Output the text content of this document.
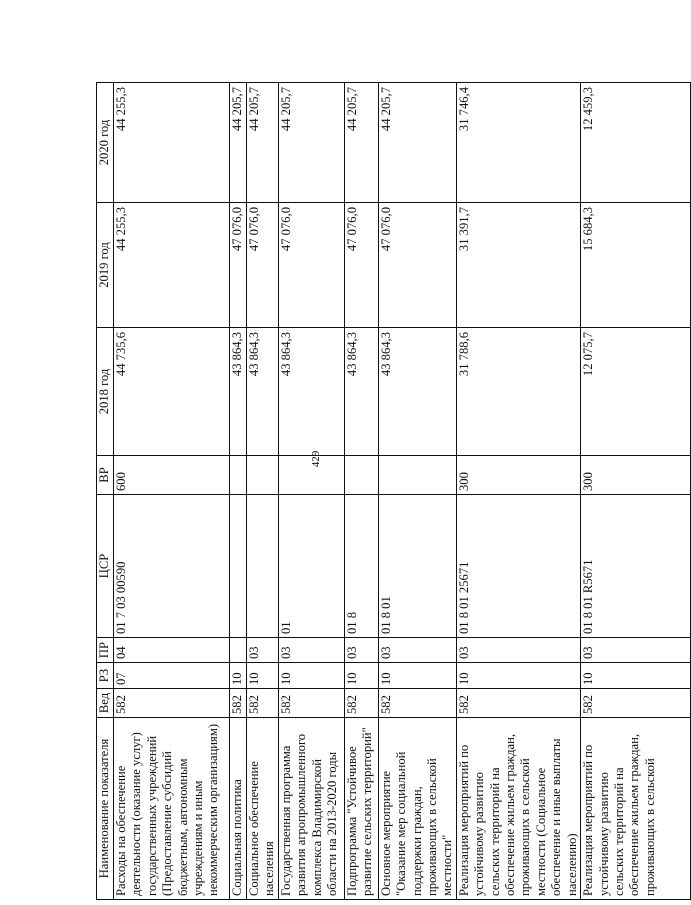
429
Наименование показателя	Вед	РЗ	ПР	ЦСР	ВР	2018 год	2019 год	2020 год
Расходы на обеспечение деятельности (оказание услуг) государственных учреждений (Предоставление субсидий бюджетным, автономным учреждениям и иным некоммерческим организациям)	582	07	04	01 7 03 00590	600	44 735,6	44 255,3	44 255,3
Социальная политика	582	10				43 864,3	47 076,0	44 205,7
Социальное обеспечение населения	582	10	03			43 864,3	47 076,0	44 205,7
Государственная программа развития агропромышленного комплекса Владимирской области на 2013-2020 годы	582	10	03	01		43 864,3	47 076,0	44 205,7
Подпрограмма "Устойчивое развитие сельских территорий"	582	10	03	01 8		43 864,3	47 076,0	44 205,7
Основное мероприятие "Оказание мер социальной поддержки граждан, проживающих в сельской местности"	582	10	03	01 8 01		43 864,3	47 076,0	44 205,7
Реализация мероприятий по устойчивому развитию сельских территорий на обеспечение жильем граждан, проживающих в сельской местности (Социальное обеспечение и иные выплаты населению)	582	10	03	01 8 01 25671	300	31 788,6	31 391,7	31 746,4
Реализация мероприятий по устойчивому развитию сельских территорий на обеспечение жильем граждан, проживающих в сельской	582	10	03	01 8 01 R5671	300	12 075,7	15 684,3	12 459,3
